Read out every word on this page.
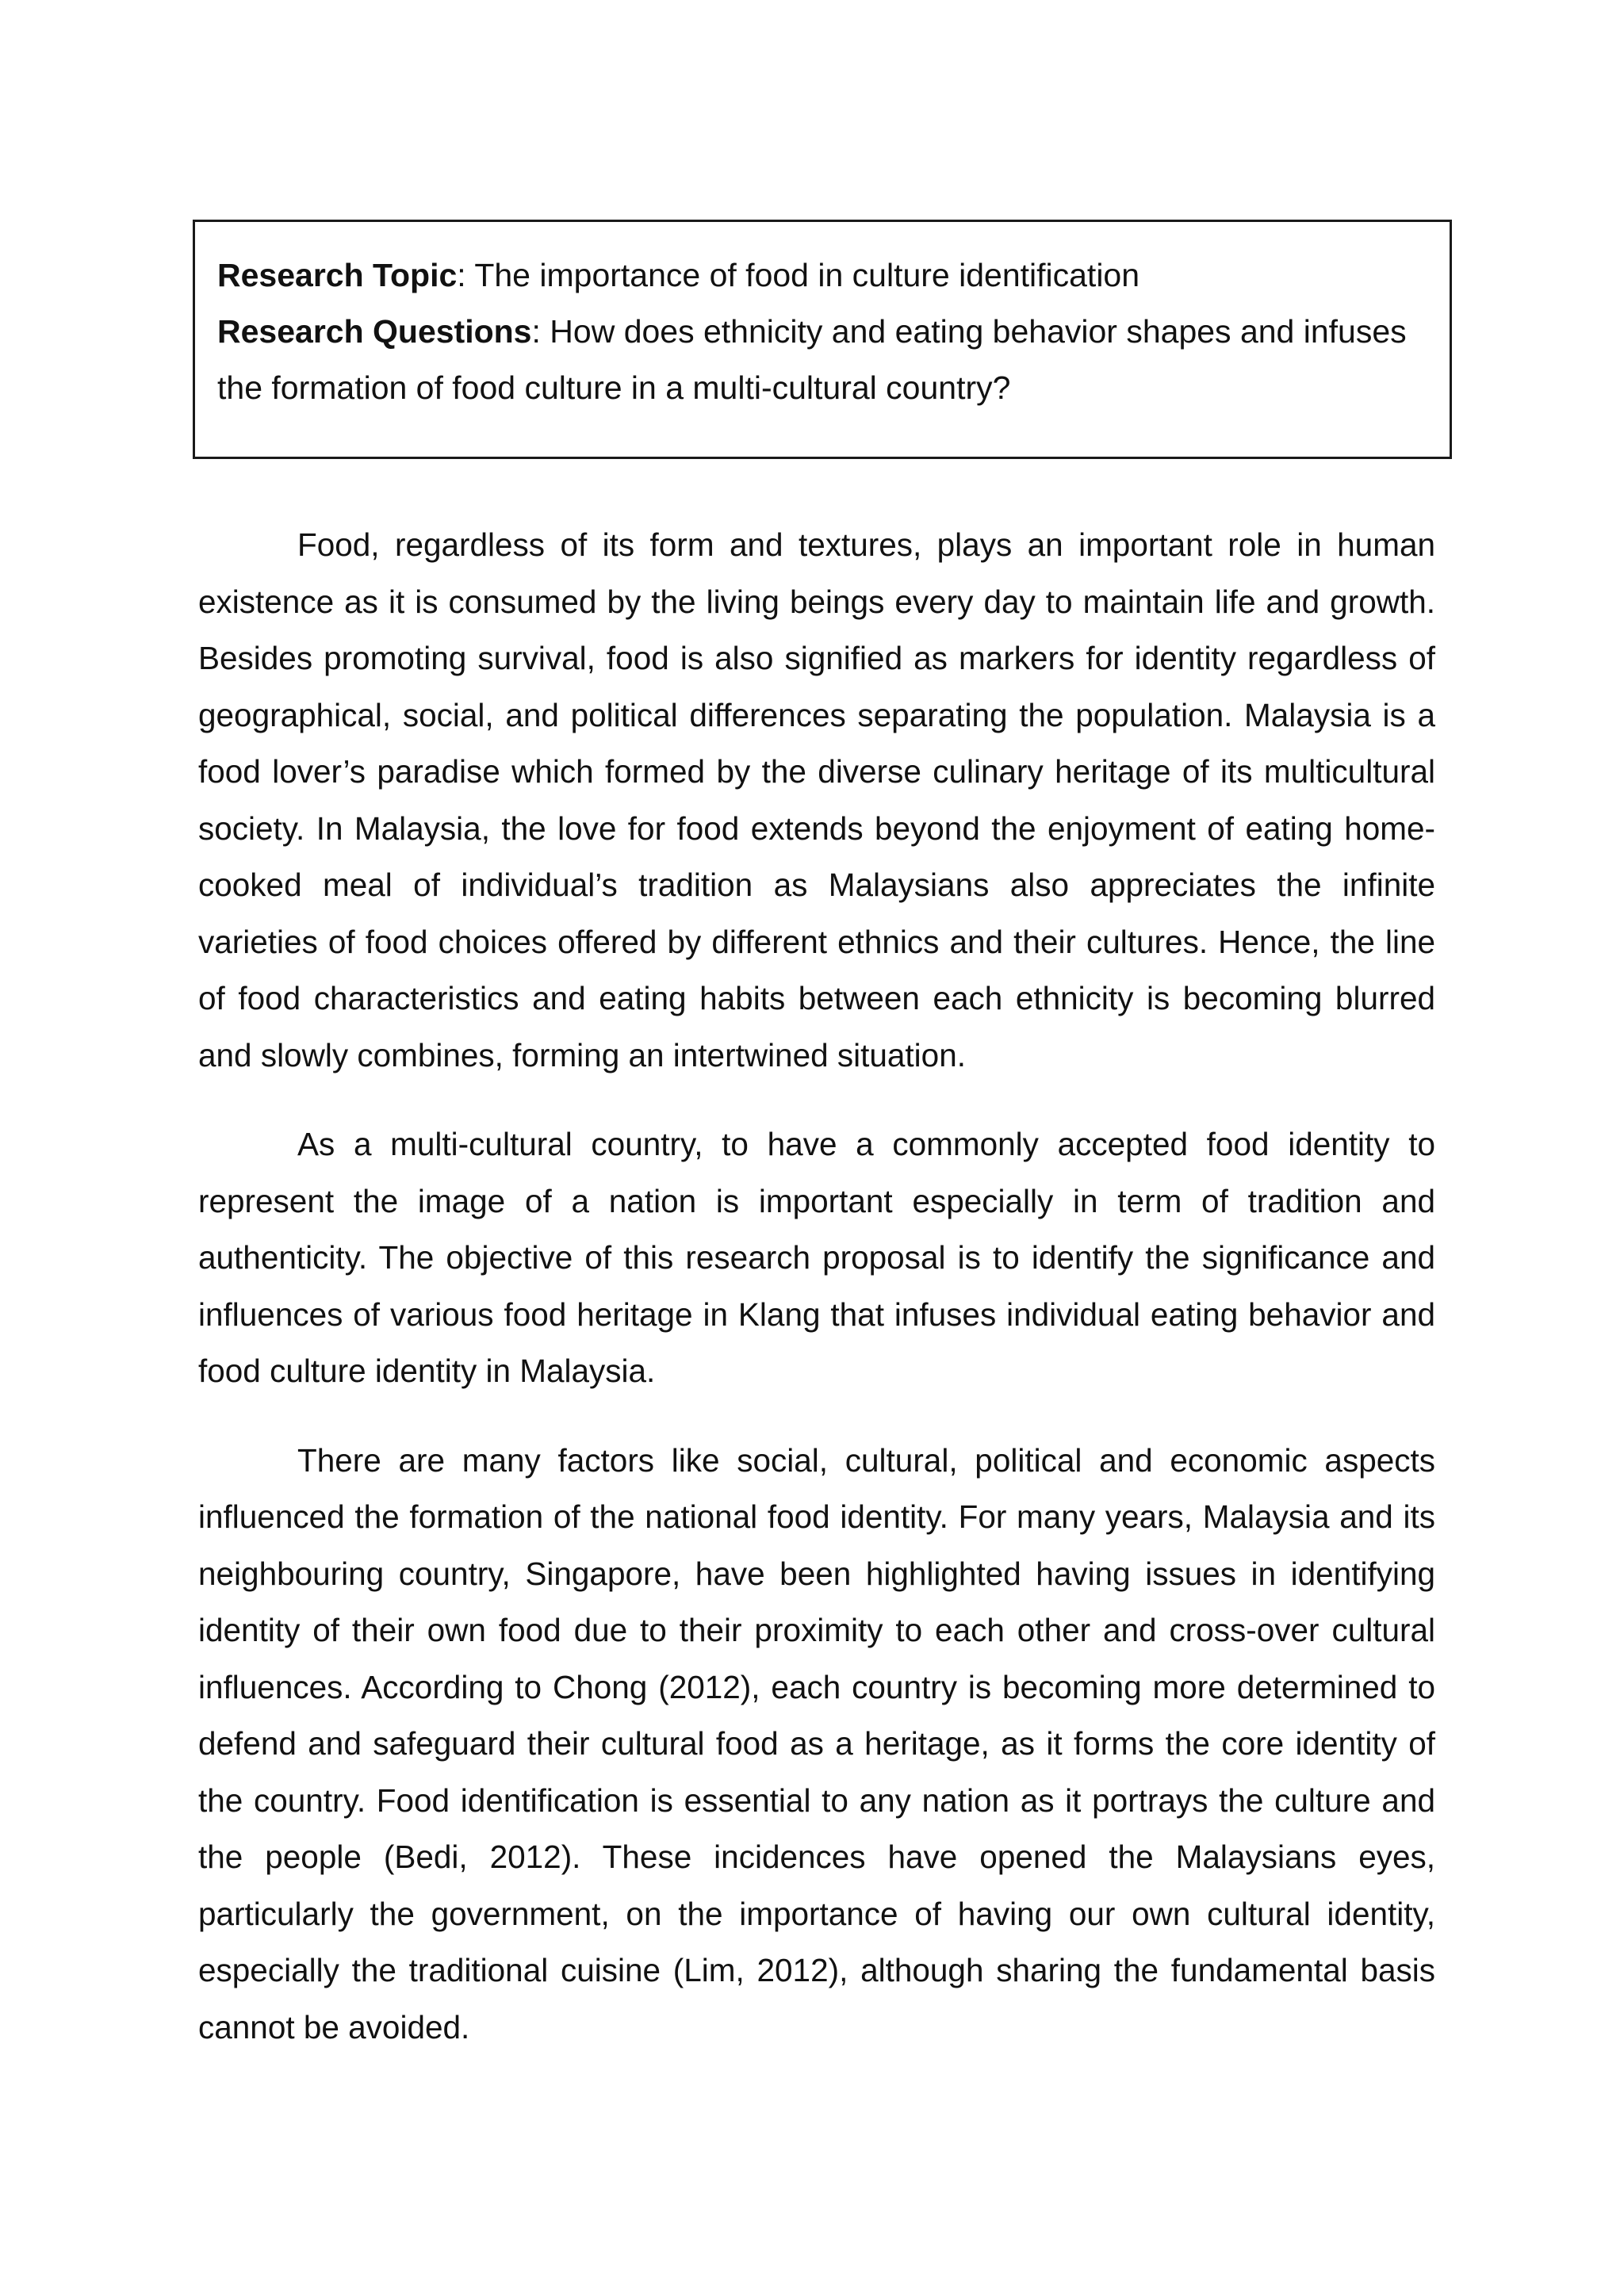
Research Topic: The importance of food in culture identification

Research Questions: How does ethnicity and eating behavior shapes and infuses the formation of food culture in a multi-cultural country?

Food, regardless of its form and textures, plays an important role in human existence as it is consumed by the living beings every day to maintain life and growth. Besides promoting survival, food is also signified as markers for identity regardless of geographical, social, and political differences separating the population. Malaysia is a food lover’s paradise which formed by the diverse culinary heritage of its multicultural society. In Malaysia, the love for food extends beyond the enjoyment of eating home-cooked meal of individual’s tradition as Malaysians also appreciates the infinite varieties of food choices offered by different ethnics and their cultures. Hence, the line of food characteristics and eating habits between each ethnicity is becoming blurred and slowly combines, forming an intertwined situation.

As a multi-cultural country, to have a commonly accepted food identity to represent the image of a nation is important especially in term of tradition and authenticity. The objective of this research proposal is to identify the significance and influences of various food heritage in Klang that infuses individual eating behavior and food culture identity in Malaysia.

There are many factors like social, cultural, political and economic aspects influenced the formation of the national food identity. For many years, Malaysia and its neighbouring country, Singapore, have been highlighted having issues in identifying identity of their own food due to their proximity to each other and cross-over cultural influences. According to Chong (2012), each country is becoming more determined to defend and safeguard their cultural food as a heritage, as it forms the core identity of the country. Food identification is essential to any nation as it portrays the culture and the people (Bedi, 2012). These incidences have opened the Malaysians eyes, particularly the government, on the importance of having our own cultural identity, especially the traditional cuisine (Lim, 2012), although sharing the fundamental basis cannot be avoided.
